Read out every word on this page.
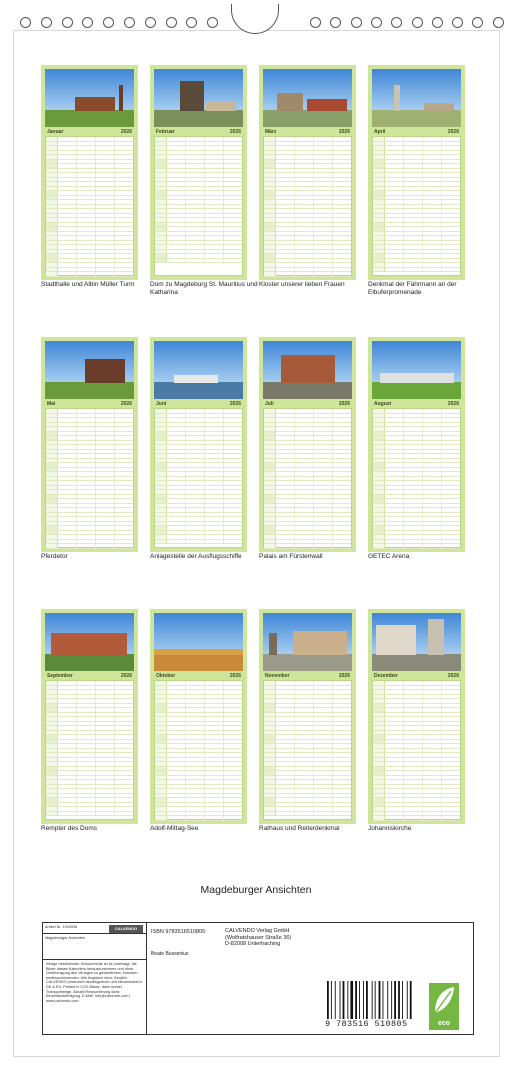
Januar	2026
Stadthalle und Albin Müller Turm
Februar	2026
Dom zu Magdeburg St. Mauritius und Katharina
März	2026
Kloster unserer lieben Frauen
April	2026
Denkmal der Fährmann an der Elbuferpromenade
Mai	2026
Pferdetor
Juni	2026
Anlagestelle der Ausflugsschiffe
Juli	2026
Palais am Fürstenwall
August	2026
GETEC Arena
September	2026
Rempter des Doms
Oktober	2026
Adolf-Mittag-See
November	2026
Rathaus und Reiterdenkmal
Dezember	2026
Johanniskirche
Magdeburger Ansichten
Artikel Nr. 1094936	CALVENDO
Magdeburger Ansichten
Infolge bestehender Schutzrechte ist es untersagt, die Bilder dieses Kalenders herauszunehmen und ohne Genehmigung des Verlages zu gewerblichen Zwecken weiterzuverwenden. Alle Angaben ohne Gewähr. CALVENDO produziert landesgerecht und klimaneutral in DE & EU. Printed in CO2-Bilanz, dank bunter Transportwege. Aktuell Restsortierung dank Einzelstückfertigung. E-Mail: info@calvendo.com | www.calvendo.com
ISBN 9783516510805
Beate Bussenius
CALVENDO Verlag GmbH
(Wolfratshauser Straße 36)
D-82008 Unterhaching
9 783516 510805	eco
